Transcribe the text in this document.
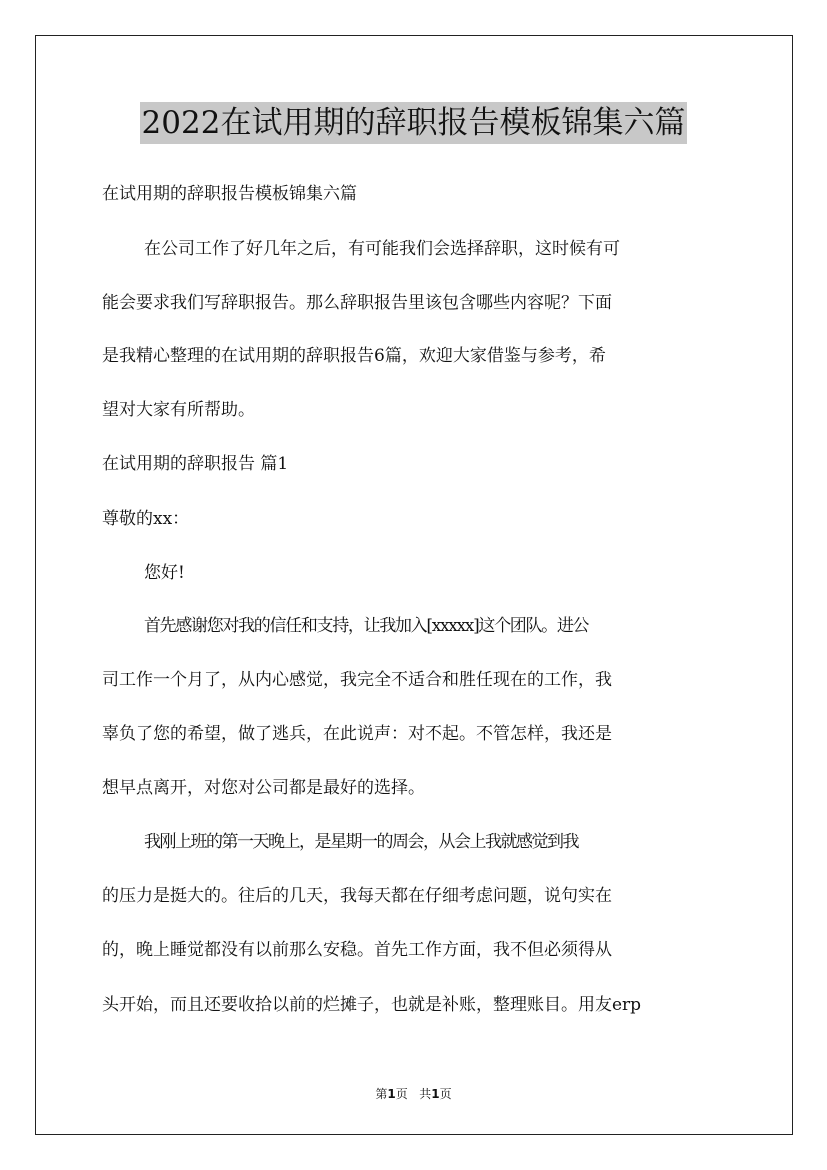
2022在试用期的辞职报告模板锦集六篇
在试用期的辞职报告模板锦集六篇
在公司工作了好几年之后，有可能我们会选择辞职，这时候有可
能会要求我们写辞职报告。那么辞职报告里该包含哪些内容呢？下面
是我精心整理的在试用期的辞职报告6篇，欢迎大家借鉴与参考，希
望对大家有所帮助。
在试用期的辞职报告 篇1
尊敬的xx：
您好!
首先感谢您对我的信任和支持，让我加入[xxxxx]这个团队。进公
司工作一个月了，从内心感觉，我完全不适合和胜任现在的工作，我
辜负了您的希望，做了逃兵，在此说声：对不起。不管怎样，我还是
想早点离开，对您对公司都是最好的选择。
我刚上班的第一天晚上，是星期一的周会，从会上我就感觉到我
的压力是挺大的。往后的几天，我每天都在仔细考虑问题，说句实在
的，晚上睡觉都没有以前那么安稳。首先工作方面，我不但必须得从
头开始，而且还要收拾以前的烂摊子，也就是补账，整理账目。用友erp
第1页   共1页
